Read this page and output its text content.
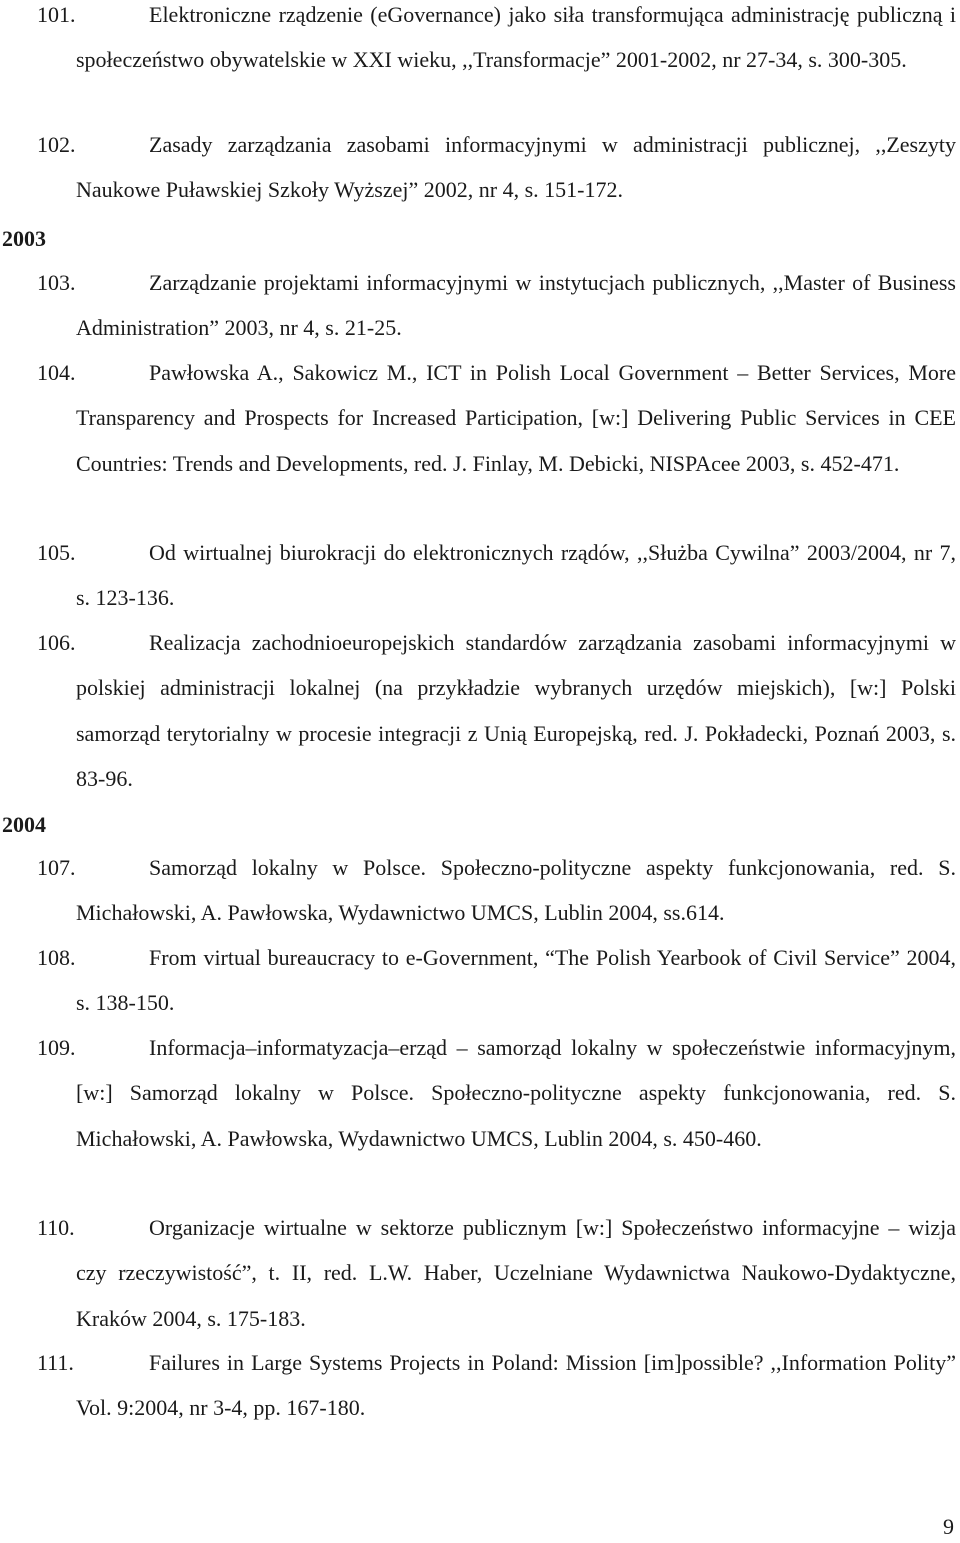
101.	Elektroniczne rządzenie (eGovernance) jako siła transformująca administrację publiczną i społeczeństwo obywatelskie w XXI wieku, ,,Transformacje” 2001-2002, nr 27-34, s. 300-305.
102.	Zasady zarządzania zasobami informacyjnymi w administracji publicznej, ,,Zeszyty Naukowe Puławskiej Szkoły Wyższej” 2002, nr 4, s. 151-172.
2003
103.	Zarządzanie projektami informacyjnymi w instytucjach publicznych, ,,Master of Business Administration” 2003, nr 4, s. 21-25.
104.	Pawłowska A., Sakowicz M., ICT in Polish Local Government – Better Services, More Transparency and Prospects for Increased Participation, [w:] Delivering Public Services in CEE Countries: Trends and Developments, red. J. Finlay, M. Debicki, NISPAcee 2003, s. 452-471.
105.	Od wirtualnej biurokracji do elektronicznych rządów, ,,Służba Cywilna” 2003/2004, nr 7, s. 123-136.
106.	Realizacja zachodnioeuropejskich standardów zarządzania zasobami informacyjnymi w polskiej administracji lokalnej (na przykładzie wybranych urzędów miejskich), [w:] Polski samorząd terytorialny w procesie integracji z Unią Europejską, red. J. Pokładecki, Poznań 2003, s. 83-96.
2004
107.	Samorząd lokalny w Polsce. Społeczno-polityczne aspekty funkcjonowania, red. S. Michałowski, A. Pawłowska, Wydawnictwo UMCS, Lublin 2004, ss.614.
108.	From virtual bureaucracy to e-Government, “The Polish Yearbook of Civil Service” 2004, s. 138-150.
109.	Informacja–informatyzacja–erząd – samorząd lokalny w społeczeństwie informacyjnym, [w:] Samorząd lokalny w Polsce. Społeczno-polityczne aspekty funkcjonowania, red. S. Michałowski, A. Pawłowska, Wydawnictwo UMCS, Lublin 2004, s. 450-460.
110.	Organizacje wirtualne w sektorze publicznym [w:] Społeczeństwo informacyjne – wizja czy rzeczywistość”, t. II, red. L.W. Haber, Uczelniane Wydawnictwa Naukowo-Dydaktyczne, Kraków 2004, s. 175-183.
111.	Failures in Large Systems Projects in Poland: Mission [im]possible? ,,Information Polity” Vol. 9:2004, nr 3-4, pp. 167-180.
9
